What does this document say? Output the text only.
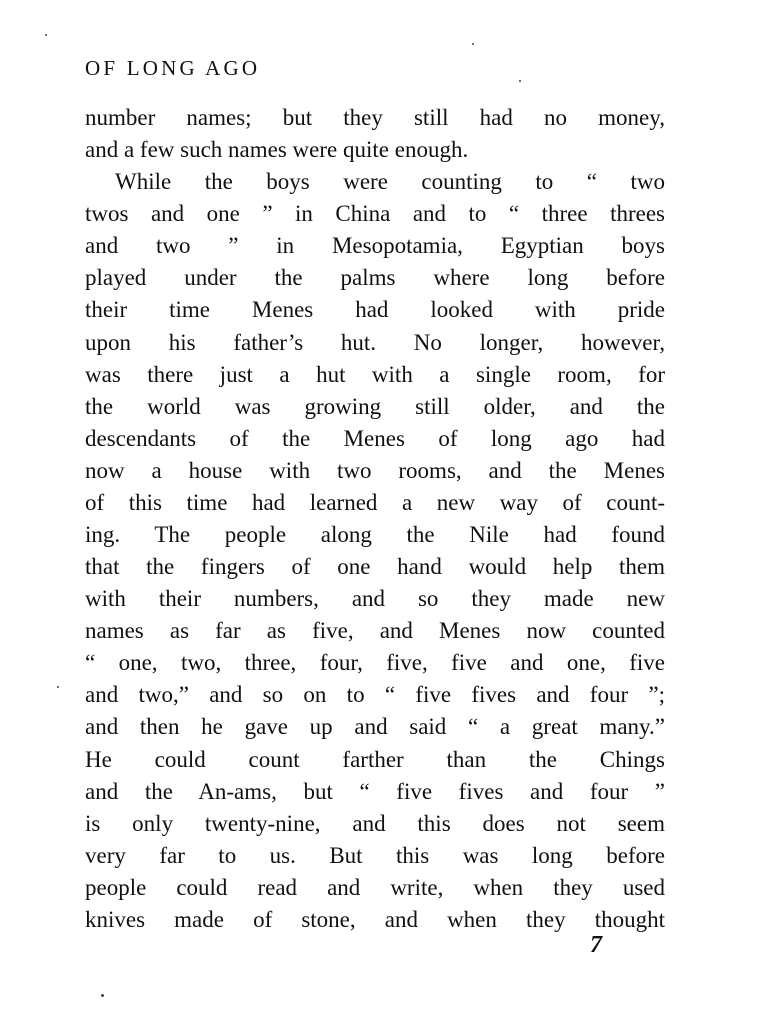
OF LONG AGO
number names; but they still had no money,
and a few such names were quite enough.
While the boys were counting to “ two
twos and one ” in China and to “ three threes
and two ” in Mesopotamia, Egyptian boys
played under the palms where long before
their time Menes had looked with pride
upon his father’s hut. No longer, however,
was there just a hut with a single room, for
the world was growing still older, and the
descendants of the Menes of long ago had
now a house with two rooms, and the Menes
of this time had learned a new way of count-
ing. The people along the Nile had found
that the fingers of one hand would help them
with their numbers, and so they made new
names as far as five, and Menes now counted
“ one, two, three, four, five, five and one, five
and two,” and so on to “ five fives and four ”;
and then he gave up and said “ a great many.”
He could count farther than the Chings
and the An-ams, but “ five fives and four ”
is only twenty-nine, and this does not seem
very far to us. But this was long before
people could read and write, when they used
knives made of stone, and when they thought
7
